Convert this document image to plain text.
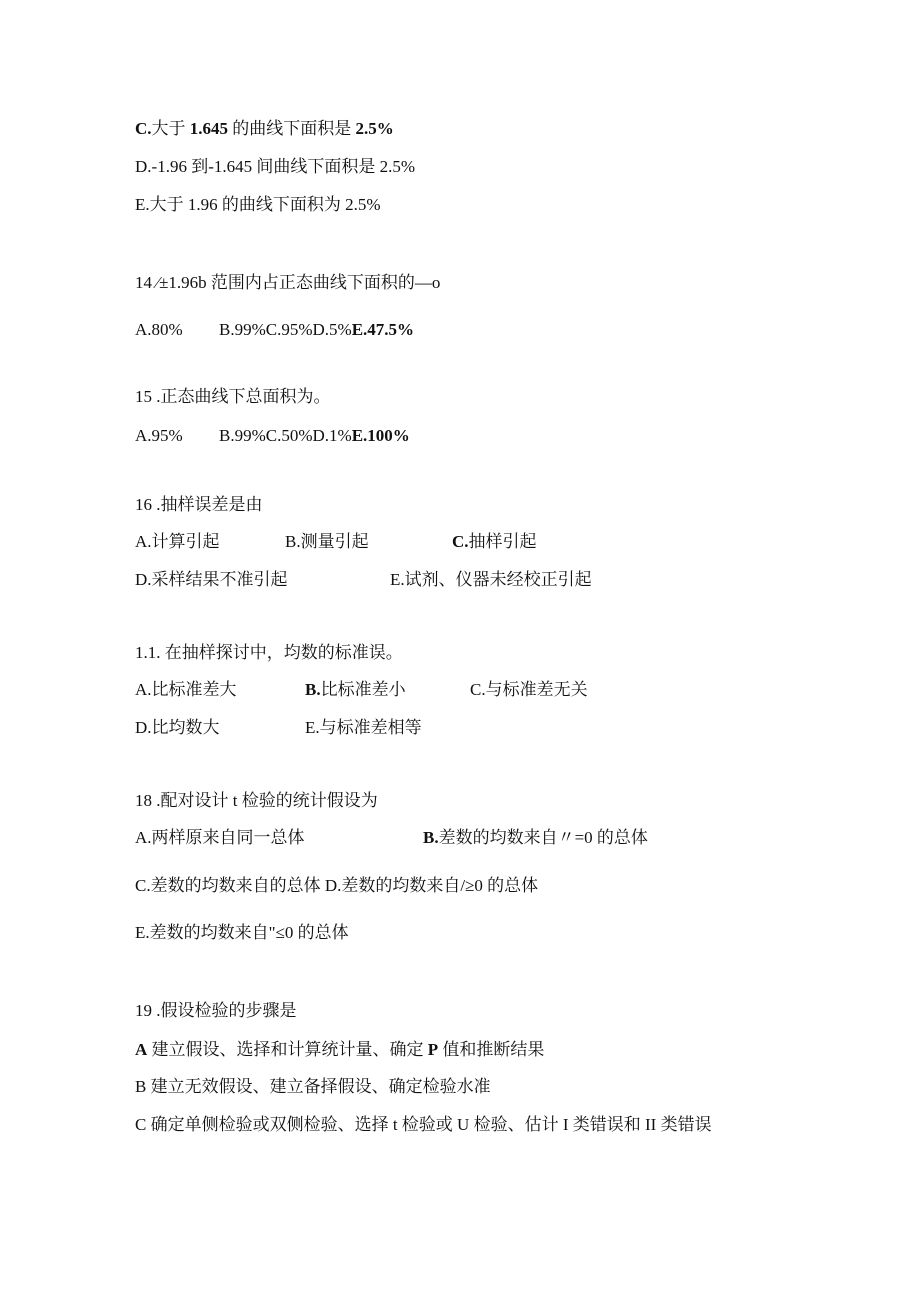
C.大于 1.645 的曲线下面积是 2.5%
D.-1.96 到-1.645 间曲线下面积是 2.5%
E.大于 1.96 的曲线下面积为 2.5%
14 ⁄±1.96b 范围内占正态曲线下面积的—o
A.80% B.99%C.95%D.5%E.47.5%
15 .正态曲线下总面积为。
A.95% B.99%C.50%D.1%E.100%
16 .抽样误差是由
A.计算引起	B.测量引起	C.抽样引起
D.采样结果不准引起	E.试剂、仪器未经校正引起
1.1. 在抽样探讨中，均数的标准误。
A.比标准差大	B.比标准差小	C.与标准差无关
D.比均数大	E.与标准差相等
18 .配对设计 t 检验的统计假设为
A.两样原来自同一总体	B.差数的均数来自〃=0 的总体
C.差数的均数来自的总体 D.差数的均数来自/≥0 的总体
E.差数的均数来自"≤0 的总体
19 .假设检验的步骤是
A 建立假设、选择和计算统计量、确定 P 值和推断结果
B 建立无效假设、建立备择假设、确定检验水准
C 确定单侧检验或双侧检验、选择 t 检验或 U 检验、估计 I 类错误和 II 类错误
